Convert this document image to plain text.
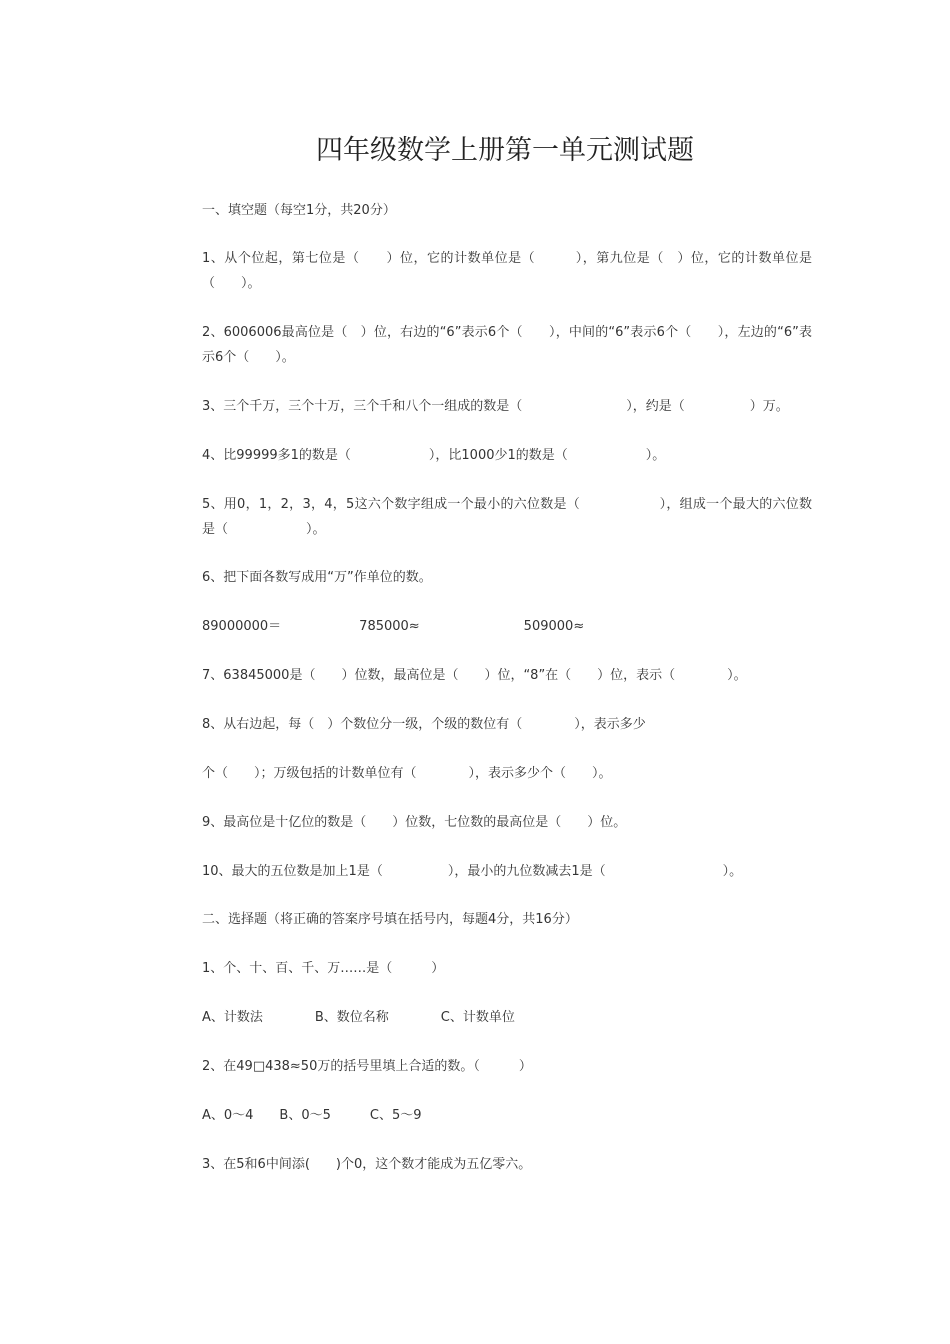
四年级数学上册第一单元测试题
一、填空题（每空1分，共20分）
1、从个位起，第七位是（　　）位，它的计数单位是（　　　），第九位是（　）位，它的计数单位是（　　）。
2、6006006最高位是（　）位，右边的“6”表示6个（　　），中间的“6”表示6个（　　），左边的“6”表示6个（　　）。
3、三个千万，三个十万，三个千和八个一组成的数是（　　　　　　　　），约是（　　　　　）万。
4、比99999多1的数是（　　　　　　），比1000少1的数是（　　　　　　）。
5、用0，1，2，3，4，5这六个数字组成一个最小的六位数是（　　　　　　），组成一个最大的六位数是（　　　　　　）。
6、把下面各数写成用“万”作单位的数。
89000000＝　　　　　　785000≈　　　　　　　　509000≈
7、63845000是（　　）位数，最高位是（　　）位，“8”在（　　）位，表示（　　　　）。
8、从右边起，每（　）个数位分一级，个级的数位有（　　　　），表示多少
个（　　）；万级包括的计数单位有（　　　　），表示多少个（　　）。
9、最高位是十亿位的数是（　　）位数，七位数的最高位是（　　）位。
10、最大的五位数是加上1是（　　　　　），最小的九位数减去1是（　　　　　　　　　）。
二、选择题（将正确的答案序号填在括号内，每题4分，共16分）
1、个、十、百、千、万……是（　　　）
A、计数法　　　　B、数位名称　　　　C、计数单位
2、在49□438≈50万的括号里填上合适的数。（　　　）
A、0～4　　B、0～5　　　C、5～9
3、在5和6中间添(　　)个0，这个数才能成为五亿零六。
